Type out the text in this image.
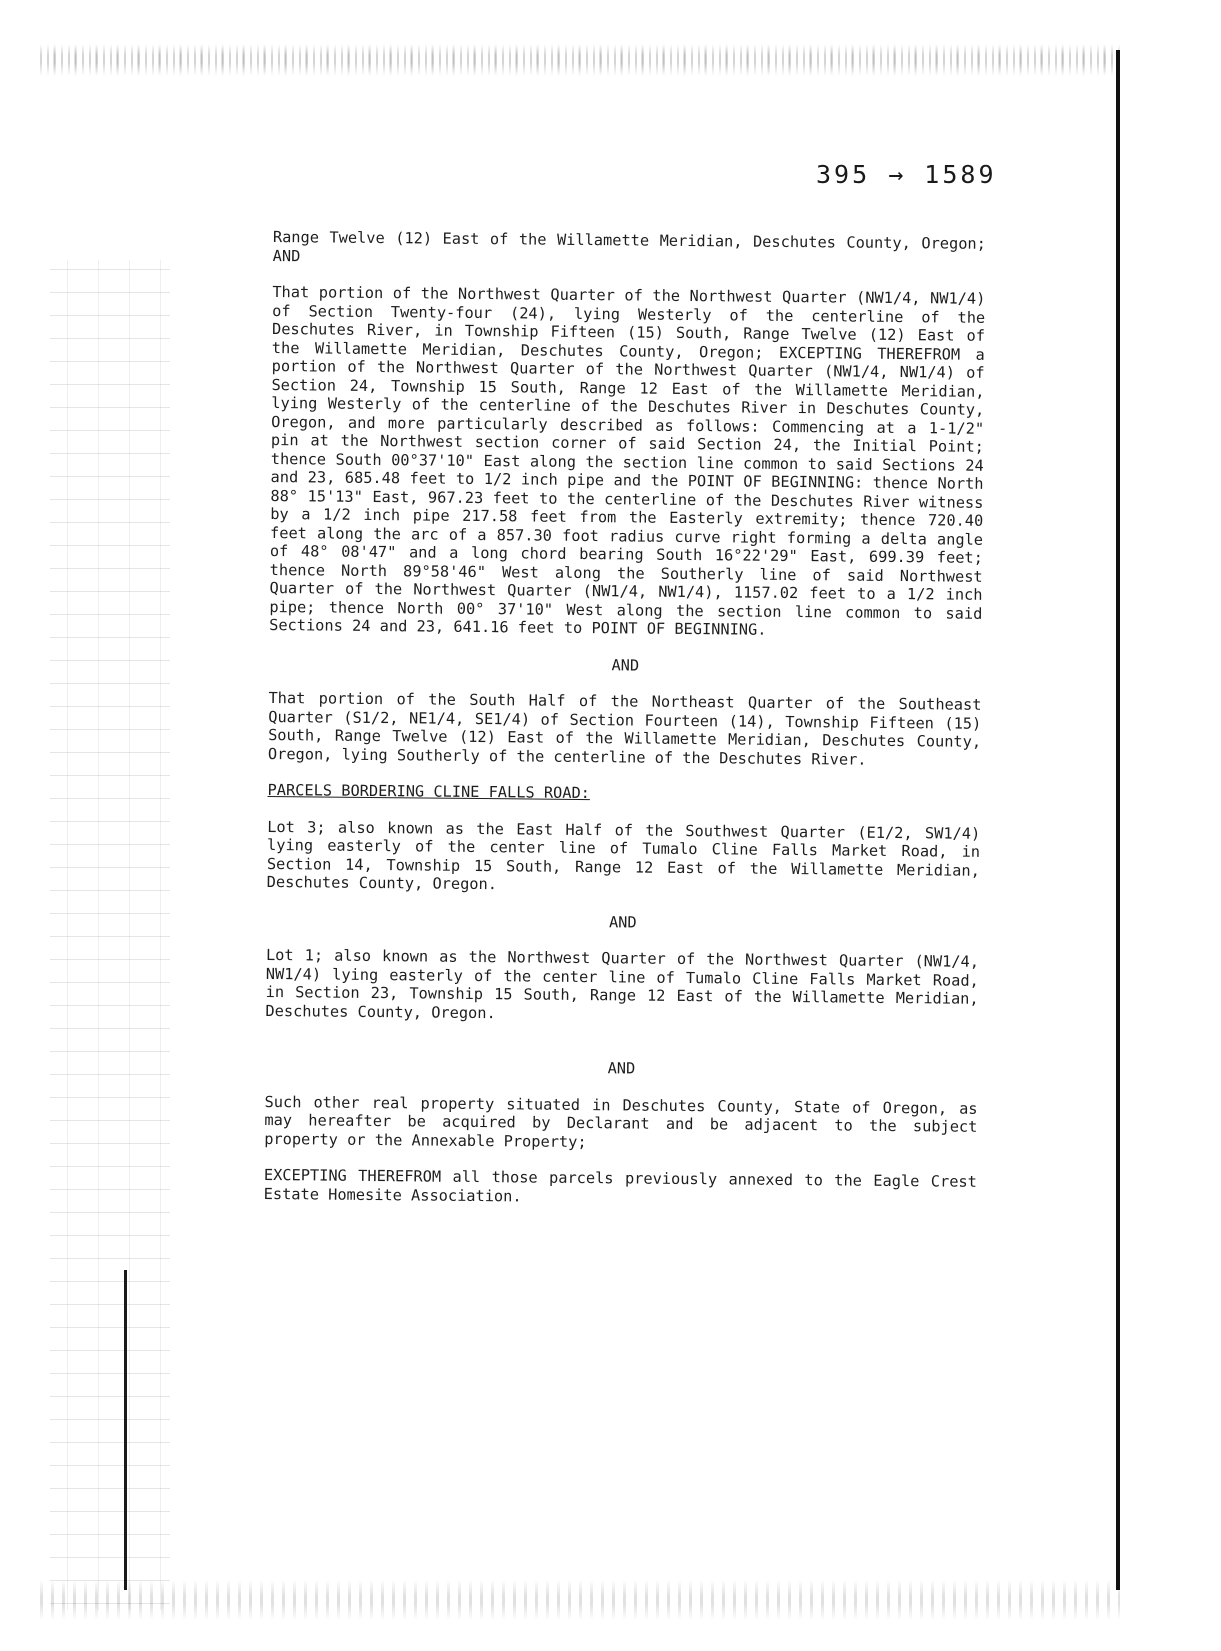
395 → 1589

Range Twelve (12) East of the Willamette Meridian, Deschutes County, Oregon; AND

That portion of the Northwest Quarter of the Northwest Quarter (NW1/4, NW1/4) of Section Twenty-four (24), lying Westerly of the centerline of the Deschutes River, in Township Fifteen (15) South, Range Twelve (12) East of the Willamette Meridian, Deschutes County, Oregon; EXCEPTING THEREFROM a portion of the Northwest Quarter of the Northwest Quarter (NW1/4, NW1/4) of Section 24, Township 15 South, Range 12 East of the Willamette Meridian, lying Westerly of the centerline of the Deschutes River in Deschutes County, Oregon, and more particularly described as follows: Commencing at a 1-1/2" pin at the Northwest section corner of said Section 24, the Initial Point; thence South 00°37'10" East along the section line common to said Sections 24 and 23, 685.48 feet to 1/2 inch pipe and the POINT OF BEGINNING: thence North 88° 15'13" East, 967.23 feet to the centerline of the Deschutes River witness by a 1/2 inch pipe 217.58 feet from the Easterly extremity; thence 720.40 feet along the arc of a 857.30 foot radius curve right forming a delta angle of 48° 08'47" and a long chord bearing South 16°22'29" East, 699.39 feet; thence North 89°58'46" West along the Southerly line of said Northwest Quarter of the Northwest Quarter (NW1/4, NW1/4), 1157.02 feet to a 1/2 inch pipe; thence North 00° 37'10" West along the section line common to said Sections 24 and 23, 641.16 feet to POINT OF BEGINNING.

AND

That portion of the South Half of the Northeast Quarter of the Southeast Quarter (S1/2, NE1/4, SE1/4) of Section Fourteen (14), Township Fifteen (15) South, Range Twelve (12) East of the Willamette Meridian, Deschutes County, Oregon, lying Southerly of the centerline of the Deschutes River.

PARCELS BORDERING CLINE FALLS ROAD:

Lot 3; also known as the East Half of the Southwest Quarter (E1/2, SW1/4) lying easterly of the center line of Tumalo Cline Falls Market Road, in Section 14, Township 15 South, Range 12 East of the Willamette Meridian, Deschutes County, Oregon.

AND

Lot 1; also known as the Northwest Quarter of the Northwest Quarter (NW1/4, NW1/4) lying easterly of the center line of Tumalo Cline Falls Market Road, in Section 23, Township 15 South, Range 12 East of the Willamette Meridian, Deschutes County, Oregon.

AND

Such other real property situated in Deschutes County, State of Oregon, as may hereafter be acquired by Declarant and be adjacent to the subject property or the Annexable Property;

EXCEPTING THEREFROM all those parcels previously annexed to the Eagle Crest Estate Homesite Association.
